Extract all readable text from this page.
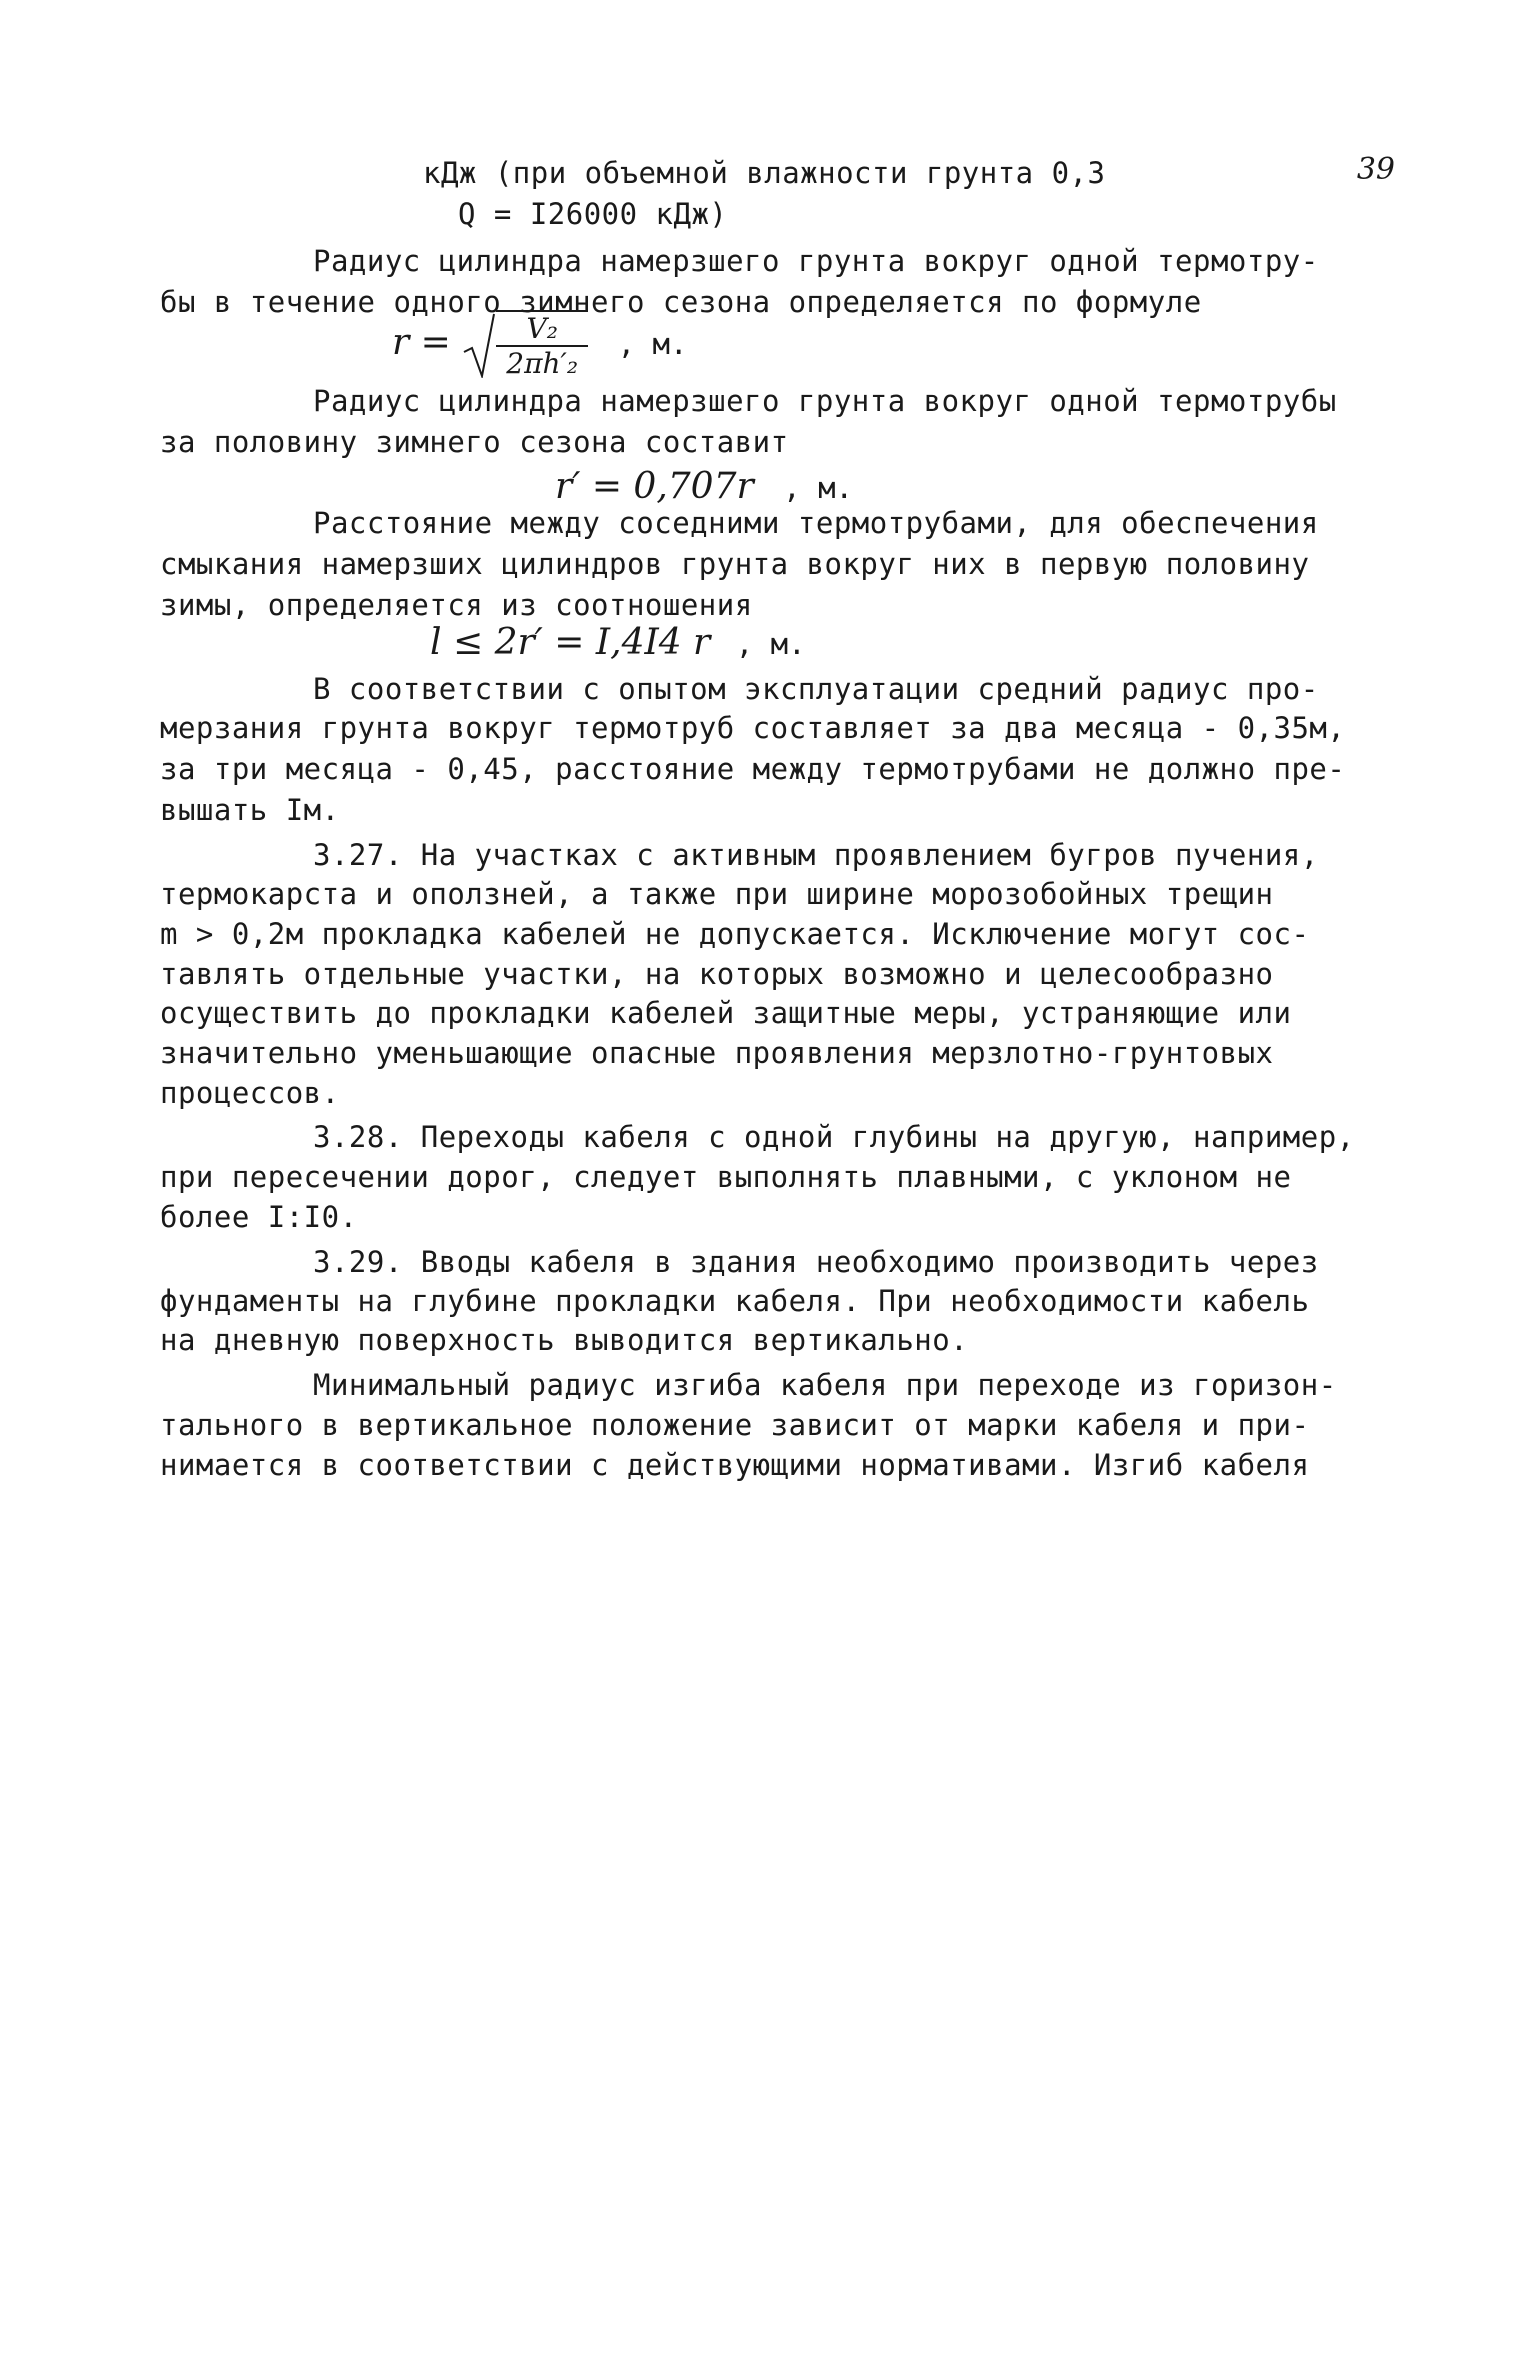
39
кДж (при объемной влажности грунта 0,3
Q = I26000 кДж)
Радиус цилиндра намерзшего грунта вокруг одной термотру-
бы в течение одного зимнего сезона определяется по формуле
$r = \frac{\text{V₂}}{\text{2πh′₂}}$ , м.
Радиус цилиндра намерзшего грунта вокруг одной термотрубы
за половину зимнего сезона составит
r′ = 0,707r , м.
Расстояние между соседними термотрубами, для обеспечения
смыкания намерзших цилиндров грунта вокруг них в первую половину
зимы, определяется из соотношения
l ≤ 2r′ = I,4I4 r , м.
В соответствии с опытом эксплуатации средний радиус про-
мерзания грунта вокруг термотруб составляет за два месяца - 0,35м,
за три месяца - 0,45, расстояние между термотрубами не должно пре-
вышать Iм.
3.27. На участках с активным проявлением бугров пучения,
термокарста и оползней, а также при ширине морозобойных трещин
m > 0,2м прокладка кабелей не допускается. Исключение могут сос-
тавлять отдельные участки, на которых возможно и целесообразно
осуществить до прокладки кабелей защитные меры, устраняющие или
значительно уменьшающие опасные проявления мерзлотно-грунтовых
процессов.
3.28. Переходы кабеля с одной глубины на другую, например,
при пересечении дорог, следует выполнять плавными, с уклоном не
более I:I0.
3.29. Вводы кабеля в здания необходимо производить через
фундаменты на глубине прокладки кабеля. При необходимости кабель
на дневную поверхность выводится вертикально.
Минимальный радиус изгиба кабеля при переходе из горизон-
тального в вертикальное положение зависит от марки кабеля и при-
нимается в соответствии с действующими нормативами. Изгиб кабеля
